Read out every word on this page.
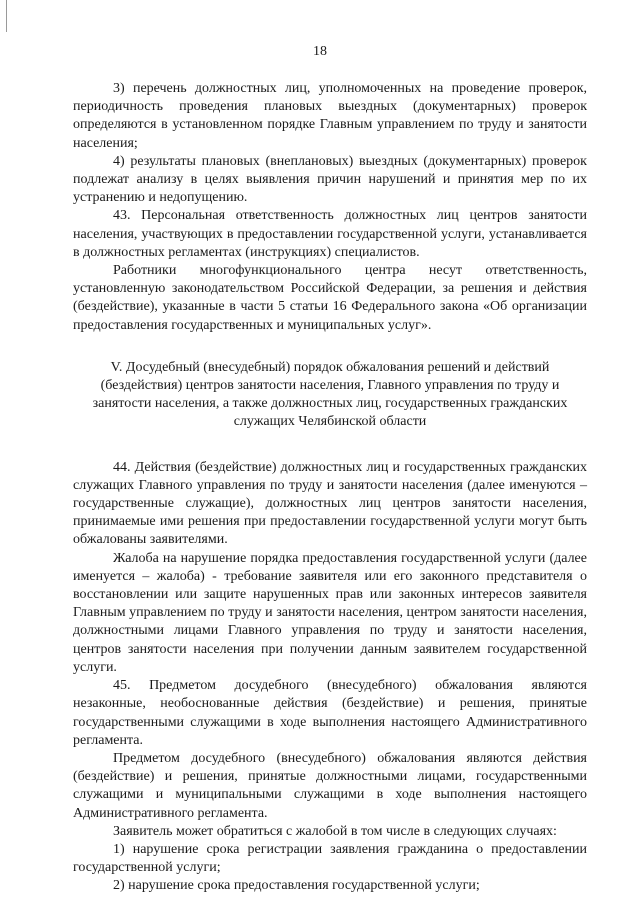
18

3) перечень должностных лиц, уполномоченных на проведение проверок, периодичность проведения плановых выездных (документарных) проверок определяются в установленном порядке Главным управлением по труду и занятости населения;

4) результаты плановых (внеплановых) выездных (документарных) проверок подлежат анализу в целях выявления причин нарушений и принятия мер по их устранению и недопущению.

43. Персональная ответственность должностных лиц центров занятости населения, участвующих в предоставлении государственной услуги, устанавливается в должностных регламентах (инструкциях) специалистов.

Работники многофункционального центра несут ответственность, установленную законодательством Российской Федерации, за решения и действия (бездействие), указанные в части 5 статьи 16 Федерального закона «Об организации предоставления государственных и муниципальных услуг».

V. Досудебный (внесудебный) порядок обжалования решений и действий (бездействия) центров занятости населения, Главного управления по труду и занятости населения, а также должностных лиц, государственных гражданских служащих Челябинской области

44. Действия (бездействие) должностных лиц и государственных гражданских служащих Главного управления по труду и занятости населения (далее именуются – государственные служащие), должностных лиц центров занятости населения, принимаемые ими решения при предоставлении государственной услуги могут быть обжалованы заявителями.

Жалоба на нарушение порядка предоставления государственной услуги (далее именуется – жалоба) - требование заявителя или его законного представителя о восстановлении или защите нарушенных прав или законных интересов заявителя Главным управлением по труду и занятости населения, центром занятости населения, должностными лицами Главного управления по труду и занятости населения, центров занятости населения при получении данным заявителем государственной услуги.

45. Предметом досудебного (внесудебного) обжалования являются незаконные, необоснованные действия (бездействие) и решения, принятые государственными служащими в ходе выполнения настоящего Административного регламента.

Предметом досудебного (внесудебного) обжалования являются действия (бездействие) и решения, принятые должностными лицами, государственными служащими и муниципальными служащими в ходе выполнения настоящего Административного регламента.

Заявитель может обратиться с жалобой в том числе в следующих случаях:

1) нарушение срока регистрации заявления гражданина о предоставлении государственной услуги;

2) нарушение срока предоставления государственной услуги;
